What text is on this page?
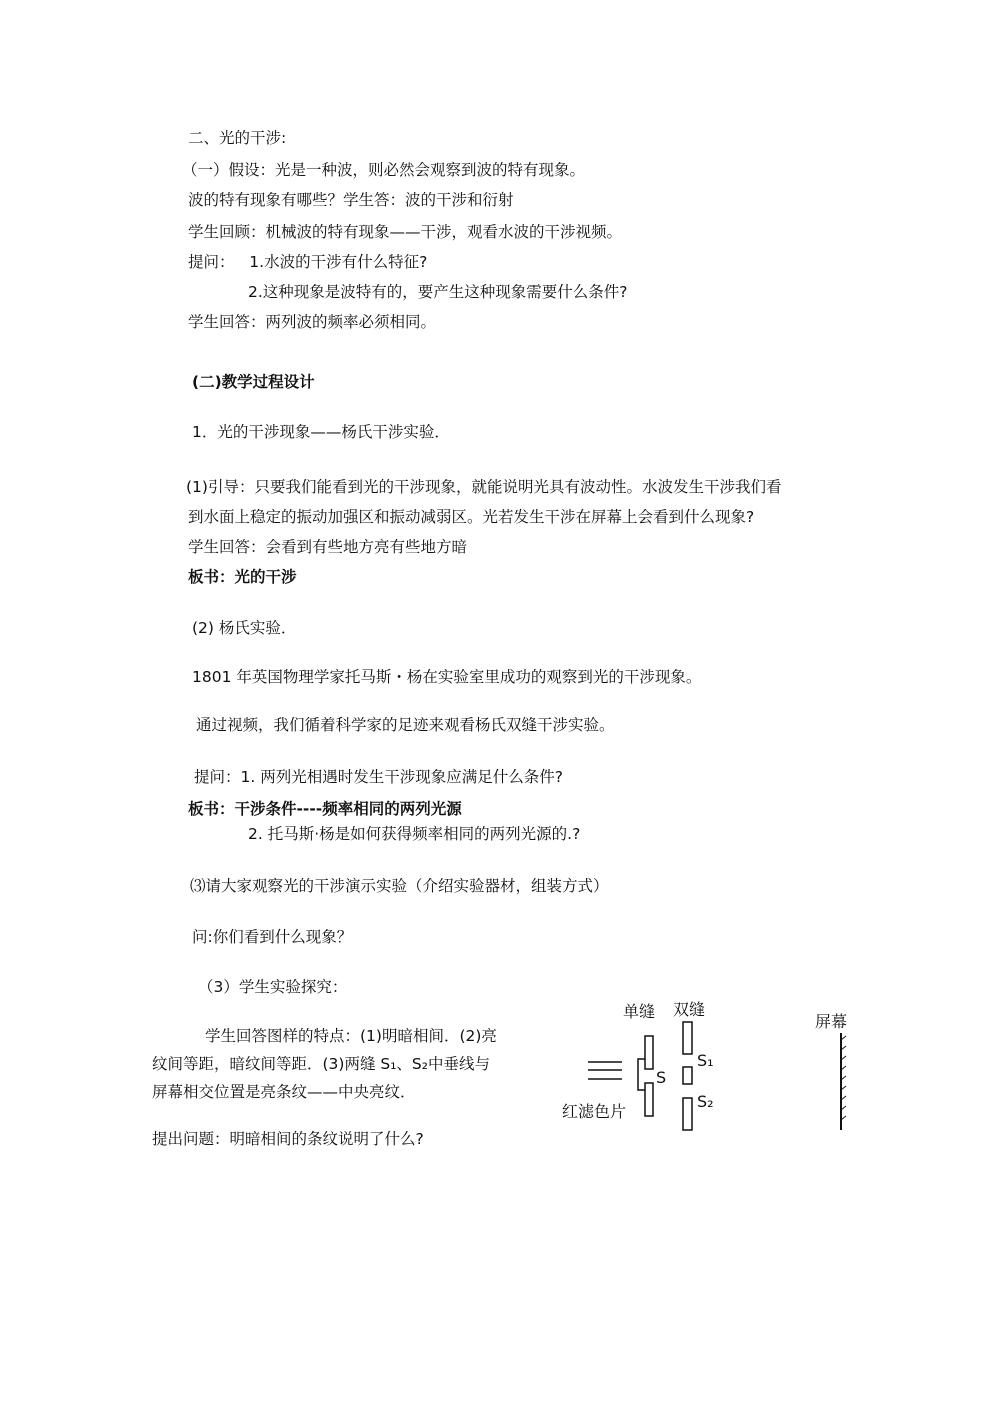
二、光的干涉:
（一）假设：光是一种波，则必然会观察到波的特有现象。
波的特有现象有哪些？学生答：波的干涉和衍射
学生回顾：机械波的特有现象——干涉，观看水波的干涉视频。
提问：   1.水波的干涉有什么特征?
2.这种现象是波特有的，要产生这种现象需要什么条件?
学生回答：两列波的频率必须相同。
(二)教学过程设计
1．光的干涉现象——杨氏干涉实验．
(1)引导：只要我们能看到光的干涉现象，就能说明光具有波动性。水波发生干涉我们看
到水面上稳定的振动加强区和振动减弱区。光若发生干涉在屏幕上会看到什么现象?
学生回答：会看到有些地方亮有些地方暗
板书：光的干涉
(2) 杨氏实验．
1801 年英国物理学家托马斯・杨在实验室里成功的观察到光的干涉现象。
通过视频，我们循着科学家的足迹来观看杨氏双缝干涉实验。
提问：1. 两列光相遇时发生干涉现象应满足什么条件?
板书：干涉条件----频率相同的两列光源
2. 托马斯·杨是如何获得频率相同的两列光源的.?
⑶请大家观察光的干涉演示实验（介绍实验器材，组装方式）
问:你们看到什么现象？
（3）学生实验探究：
学生回答图样的特点：(1)明暗相间．(2)亮
纹间等距，暗纹间等距．(3)两缝 S₁、S₂中垂线与
屏幕相交位置是亮条纹——中央亮纹．
提出问题：明暗相间的条纹说明了什么?
单缝 双缝
屏幕
红滤色片
S
S₁
S₂
